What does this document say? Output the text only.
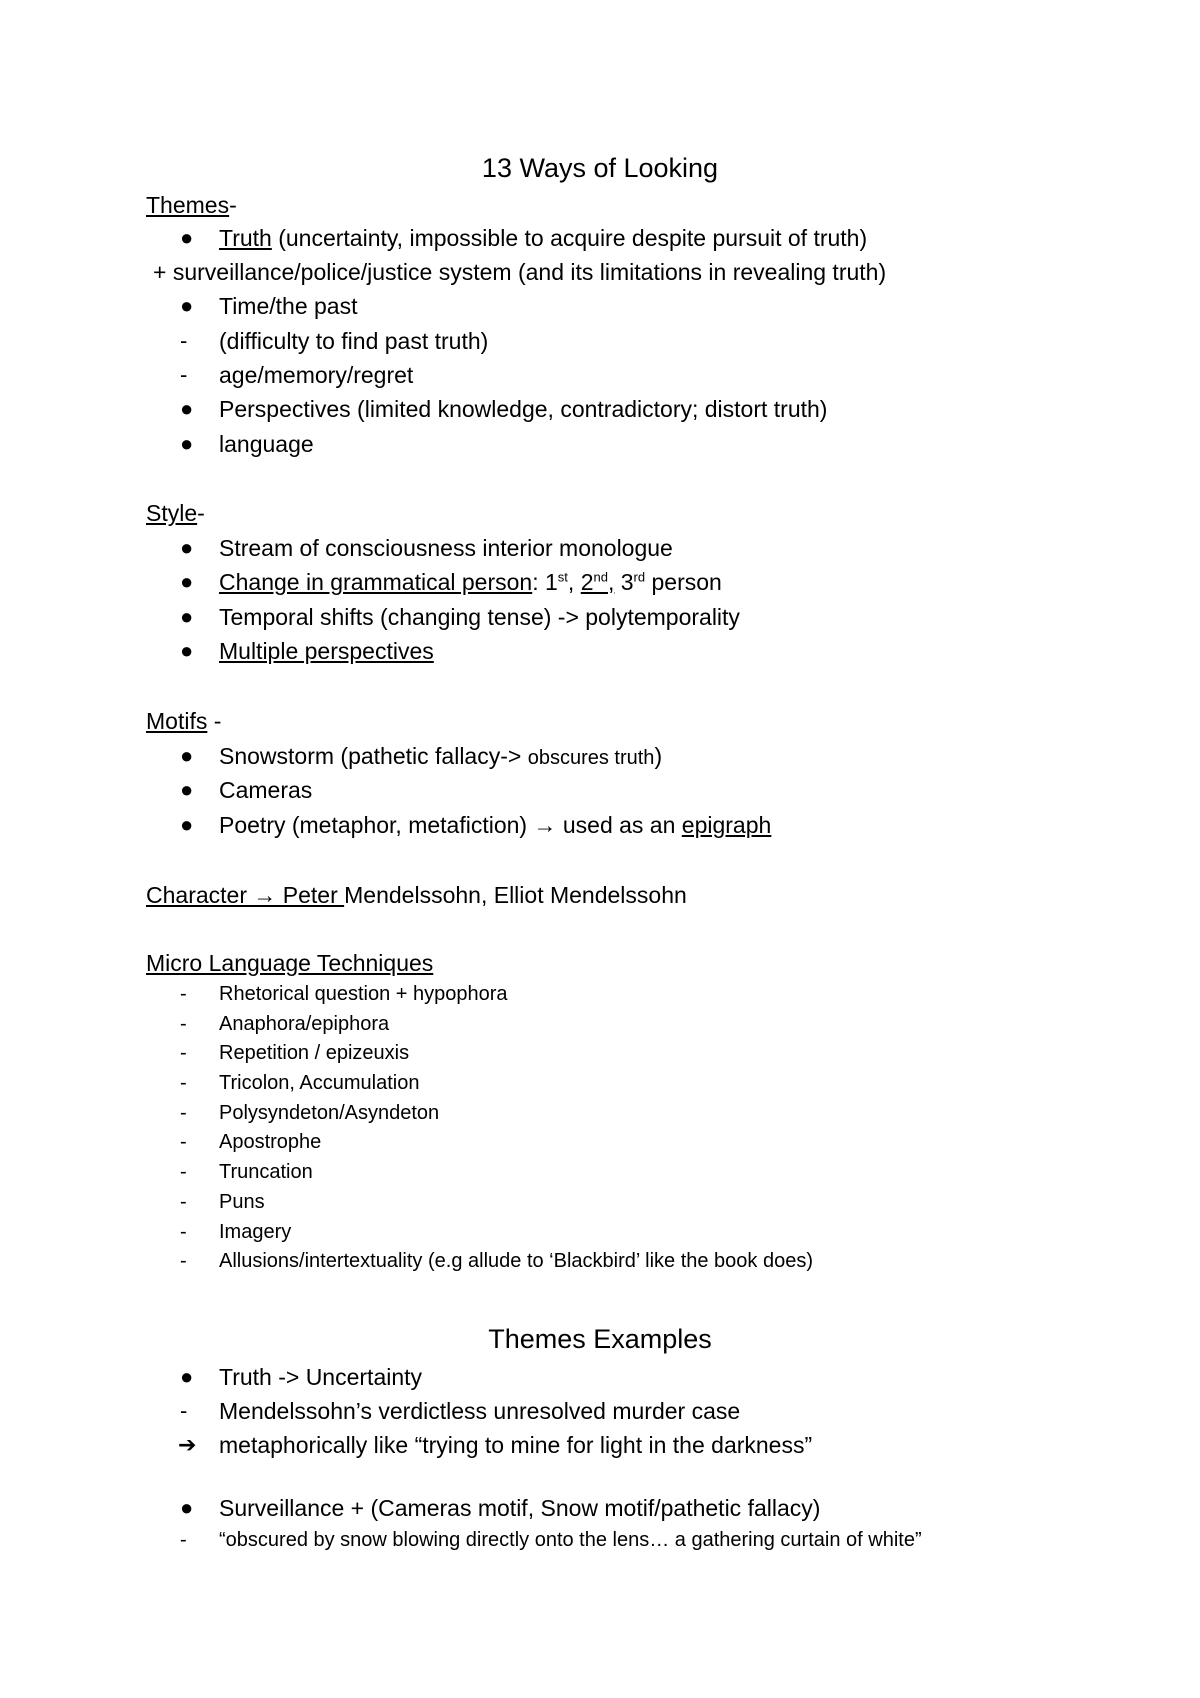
13 Ways of Looking
Themes-
● Truth (uncertainty, impossible to acquire despite pursuit of truth)
+ surveillance/police/justice system (and its limitations in revealing truth)
● Time/the past
- (difficulty to find past truth)
- age/memory/regret
● Perspectives (limited knowledge, contradictory; distort truth)
● language
Style-
● Stream of consciousness interior monologue
● Change in grammatical person: 1st, 2nd, 3rd person
● Temporal shifts (changing tense) -> polytemporality
● Multiple perspectives
Motifs -
● Snowstorm (pathetic fallacy-> obscures truth)
● Cameras
● Poetry (metaphor, metafiction) → used as an epigraph
Character → Peter Mendelssohn, Elliot Mendelssohn
Micro Language Techniques
- Rhetorical question + hypophora
- Anaphora/epiphora
- Repetition / epizeuxis
- Tricolon, Accumulation
- Polysyndeton/Asyndeton
- Apostrophe
- Truncation
- Puns
- Imagery
- Allusions/intertextuality (e.g allude to ‘Blackbird’ like the book does)
Themes Examples
● Truth -> Uncertainty
- Mendelssohn’s verdictless unresolved murder case
➔ metaphorically like “trying to mine for light in the darkness”
● Surveillance + (Cameras motif, Snow motif/pathetic fallacy)
- “obscured by snow blowing directly onto the lens… a gathering curtain of white”
